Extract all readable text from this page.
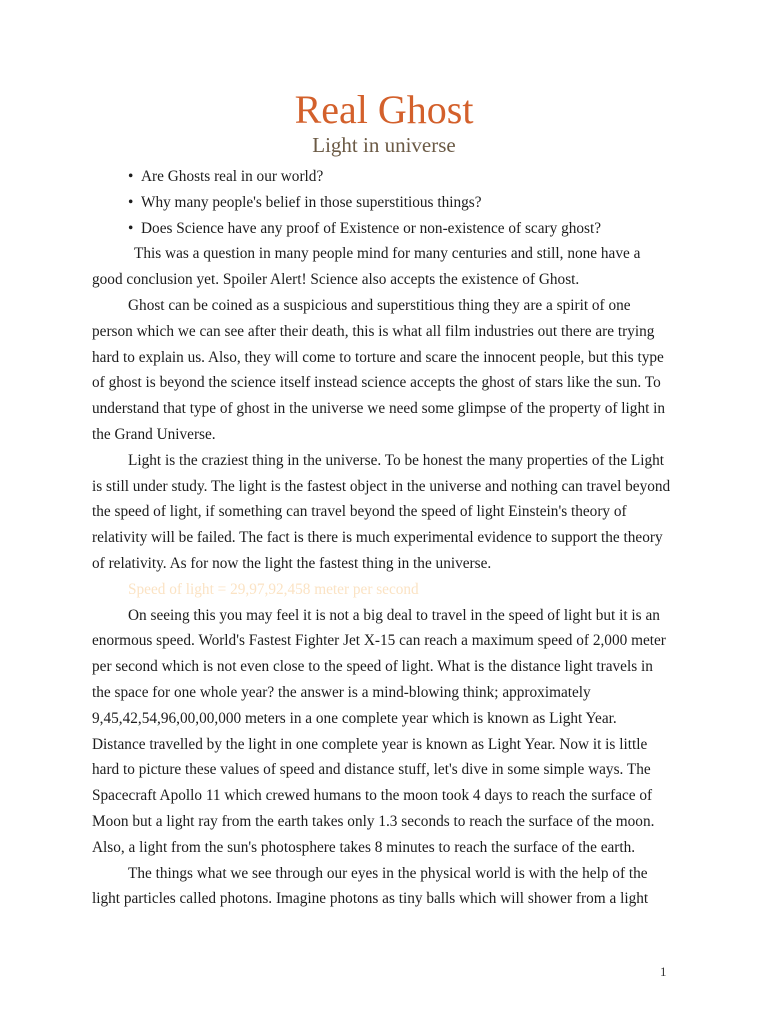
Real Ghost
Light in universe
• Are Ghosts real in our world?
• Why many people's belief in those superstitious things?
• Does Science have any proof of Existence or non-existence of scary ghost?

This was a question in many people mind for many centuries and still, none have a good conclusion yet. Spoiler Alert! Science also accepts the existence of Ghost.

Ghost can be coined as a suspicious and superstitious thing they are a spirit of one person which we can see after their death, this is what all film industries out there are trying hard to explain us. Also, they will come to torture and scare the innocent people, but this type of ghost is beyond the science itself instead science accepts the ghost of stars like the sun. To understand that type of ghost in the universe we need some glimpse of the property of light in the Grand Universe.

Light is the craziest thing in the universe. To be honest the many properties of the Light is still under study. The light is the fastest object in the universe and nothing can travel beyond the speed of light, if something can travel beyond the speed of light Einstein's theory of relativity will be failed. The fact is there is much experimental evidence to support the theory of relativity. As for now the light the fastest thing in the universe.

Speed of light = 29,97,92,458 meter per second

On seeing this you may feel it is not a big deal to travel in the speed of light but it is an enormous speed. World's Fastest Fighter Jet X-15 can reach a maximum speed of 2,000 meter per second which is not even close to the speed of light. What is the distance light travels in the space for one whole year? the answer is a mind-blowing think; approximately 9,45,42,54,96,00,00,000 meters in a one complete year which is known as Light Year. Distance travelled by the light in one complete year is known as Light Year. Now it is little hard to picture these values of speed and distance stuff, let's dive in some simple ways. The Spacecraft Apollo 11 which crewed humans to the moon took 4 days to reach the surface of Moon but a light ray from the earth takes only 1.3 seconds to reach the surface of the moon. Also, a light from the sun's photosphere takes 8 minutes to reach the surface of the earth.

The things what we see through our eyes in the physical world is with the help of the light particles called photons. Imagine photons as tiny balls which will shower from a light

1
